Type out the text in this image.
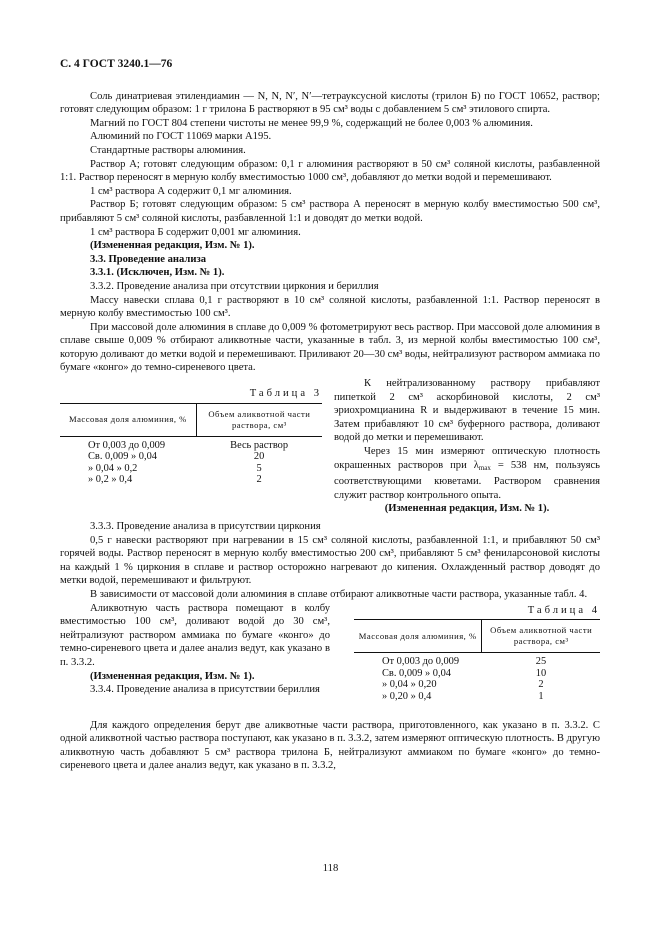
С. 4 ГОСТ 3240.1—76

Соль динатриевая этилендиамин — N, N, N′, N′—тетрауксусной кислоты (трилон Б) по ГОСТ 10652, раствор; готовят следующим образом: 1 г трилона Б растворяют в 95 см³ воды с добавлением 5 см³ этилового спирта.

Магний по ГОСТ 804 степени чистоты не менее 99,9 %, содержащий не более 0,003 % алюминия.

Алюминий по ГОСТ 11069 марки А195.

Стандартные растворы алюминия.

Раствор А; готовят следующим образом: 0,1 г алюминия растворяют в 50 см³ соляной кислоты, разбавленной 1:1. Раствор переносят в мерную колбу вместимостью 1000 см³, добавляют до метки водой и перемешивают.

1 см³ раствора А содержит 0,1 мг алюминия.

Раствор Б; готовят следующим образом: 5 см³ раствора А переносят в мерную колбу вместимостью 500 см³, прибавляют 5 см³ соляной кислоты, разбавленной 1:1 и доводят до метки водой.

1 см³ раствора Б содержит 0,001 мг алюминия.

(Измененная редакция, Изм. № 1).

3.3. Проведение анализа

3.3.1. (Исключен, Изм. № 1).

3.3.2. Проведение анализа при отсутствии циркония и бериллия

Массу навески сплава 0,1 г растворяют в 10 см³ соляной кислоты, разбавленной 1:1. Раствор переносят в мерную колбу вместимостью 100 см³.

При массовой доле алюминия в сплаве до 0,009 % фотометрируют весь раствор. При массовой доле алюминия в сплаве свыше 0,009 % отбирают аликвотные части, указанные в табл. 3, из мерной колбы вместимостью 100 см³, которую доливают до метки водой и перемешивают. Приливают 20—30 см³ воды, нейтрализуют раствором аммиака по бумаге «конго» до темно-сиреневого цвета.

Таблица 3
Массовая доля алюминия, %	Объем аликвотной части раствора, см³
От 0,003 до 0,009	Весь раствор
Св. 0,009 » 0,04	20
» 0,04 » 0,2	5
» 0,2 » 0,4	2

К нейтрализованному раствору прибавляют пипеткой 2 см³ аскорбиновой кислоты, 2 см³ эриохромцианина R и выдерживают в течение 15 мин. Затем прибавляют 10 см³ буферного раствора, доливают водой до метки и перемешивают.

Через 15 мин измеряют оптическую плотность окрашенных растворов при $\lambda_{max} = 538$ нм, пользуясь соответствующими кюветами. Раствором сравнения служит раствор контрольного опыта.

(Измененная редакция, Изм. № 1).

3.3.3. Проведение анализа в присутствии циркония

0,5 г навески растворяют при нагревании в 15 см³ соляной кислоты, разбавленной 1:1, и прибавляют 50 см³ горячей воды. Раствор переносят в мерную колбу вместимостью 200 см³, прибавляют 5 см³ фениларсоновой кислоты на каждый 1 % циркония в сплаве и раствор осторожно нагревают до кипения. Охлажденный раствор доводят до метки водой, перемешивают и фильтруют.

В зависимости от массовой доли алюминия в сплаве отбирают аликвотные части раствора, указанные табл. 4.

Аликвотную часть раствора помещают в колбу вместимостью 100 см³, доливают водой до 30 см³, нейтрализуют раствором аммиака по бумаге «конго» до темно-сиреневого цвета и далее анализ ведут, как указано в п. 3.3.2.

(Измененная редакция, Изм. № 1).

3.3.4. Проведение анализа в присутствии бериллия

Таблица 4
Массовая доля алюминия, %	Объем аликвотной части раствора, см³
От 0,003 до 0,009	25
Св. 0,009 » 0,04	10
» 0,04 » 0,20	2
» 0,20 » 0,4	1

Для каждого определения берут две аликвотные части раствора, приготовленного, как указано в п. 3.3.2. С одной аликвотной частью раствора поступают, как указано в п. 3.3.2, затем измеряют оптическую плотность. В другую аликвотную часть добавляют 5 см³ раствора трилона Б, нейтрализуют аммиаком по бумаге «конго» до темно-сиреневого цвета и далее анализ ведут, как указано в п. 3.3.2,

118
